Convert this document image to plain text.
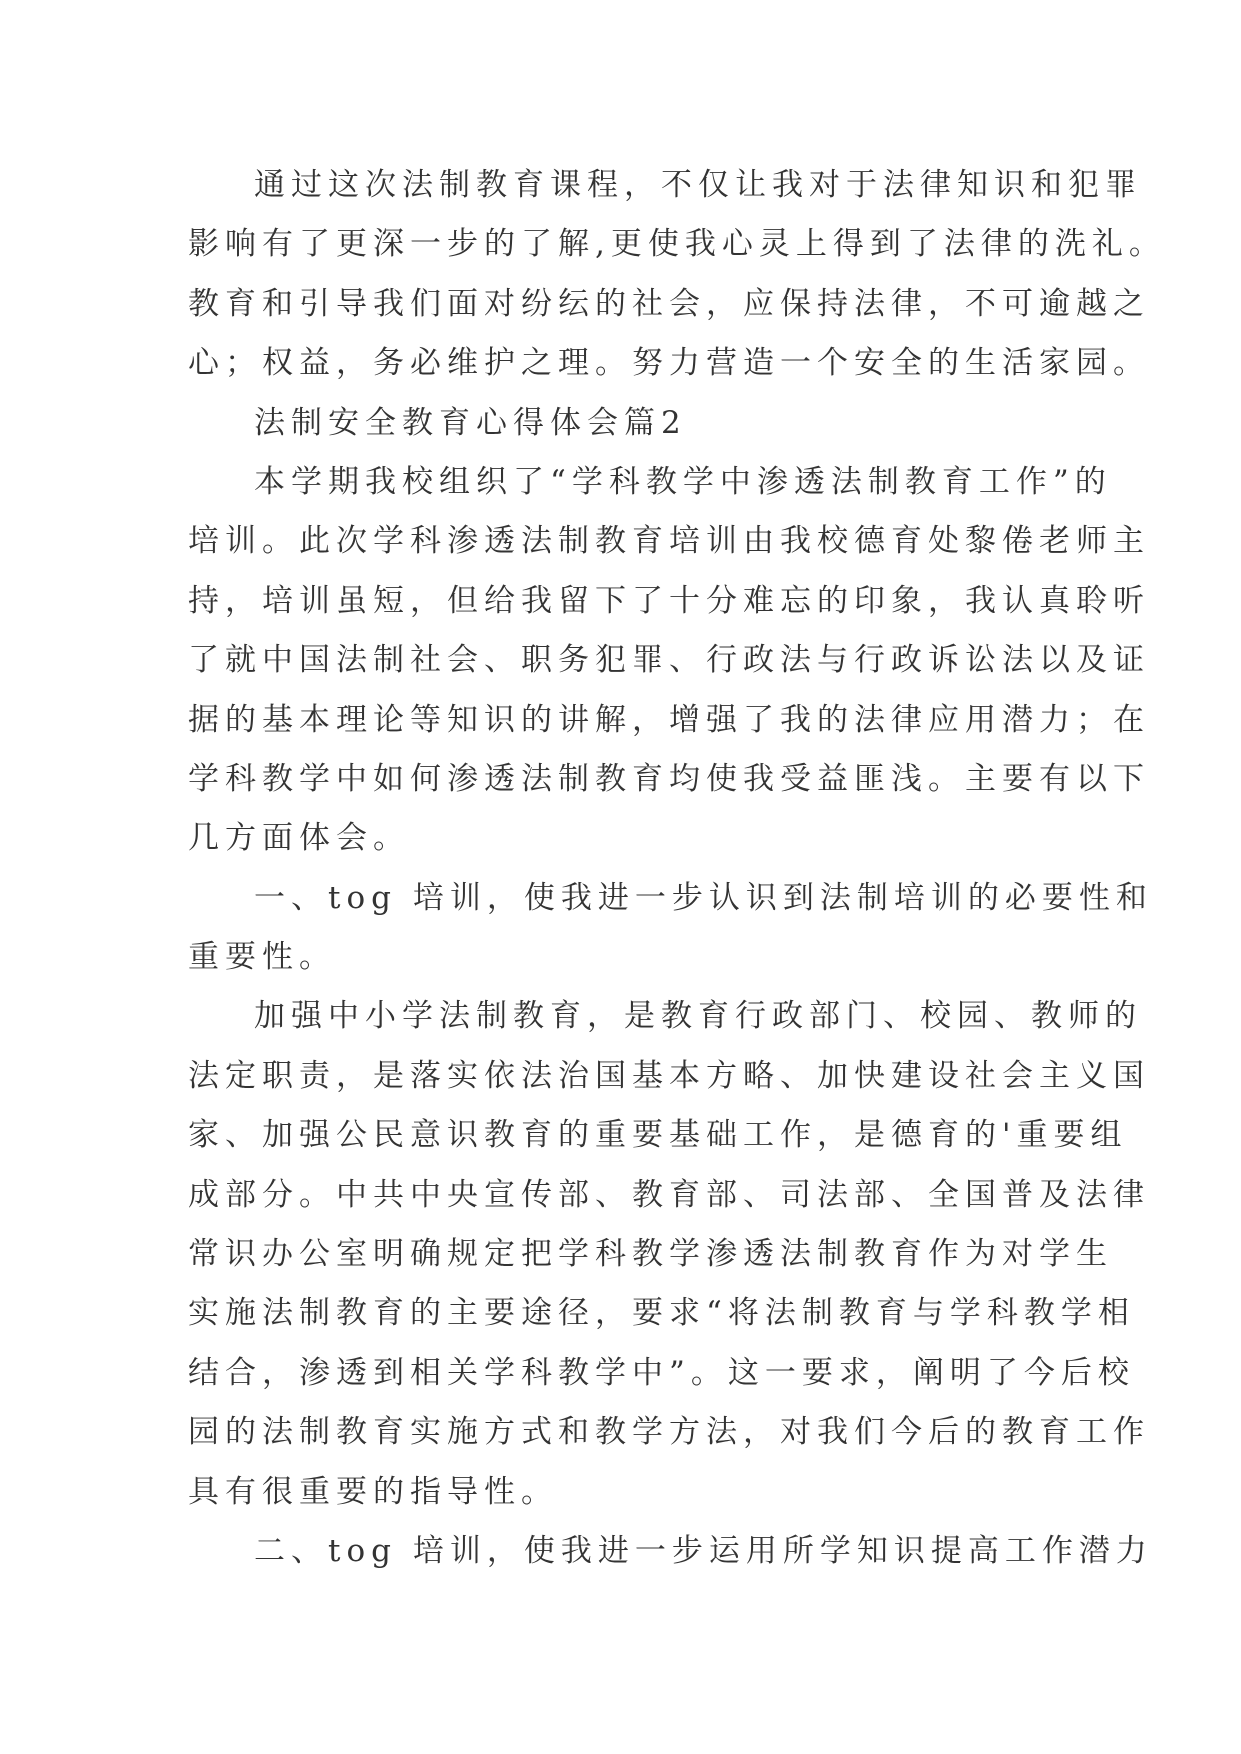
通过这次法制教育课程，不仅让我对于法律知识和犯罪
影响有了更深一步的了解,更使我心灵上得到了法律的洗礼。
教育和引导我们面对纷纭的社会，应保持法律，不可逾越之
心；权益，务必维护之理。努力营造一个安全的生活家园。
法制安全教育心得体会篇2
本学期我校组织了“学科教学中渗透法制教育工作”的
培训。此次学科渗透法制教育培训由我校德育处黎倦老师主
持，培训虽短，但给我留下了十分难忘的印象，我认真聆听
了就中国法制社会、职务犯罪、行政法与行政诉讼法以及证
据的基本理论等知识的讲解，增强了我的法律应用潜力；在
学科教学中如何渗透法制教育均使我受益匪浅。主要有以下
几方面体会。
一、tog 培训，使我进一步认识到法制培训的必要性和
重要性。
加强中小学法制教育，是教育行政部门、校园、教师的
法定职责，是落实依法治国基本方略、加快建设社会主义国
家、加强公民意识教育的重要基础工作，是德育的'重要组
成部分。中共中央宣传部、教育部、司法部、全国普及法律
常识办公室明确规定把学科教学渗透法制教育作为对学生
实施法制教育的主要途径，要求“将法制教育与学科教学相
结合，渗透到相关学科教学中”。这一要求，阐明了今后校
园的法制教育实施方式和教学方法，对我们今后的教育工作
具有很重要的指导性。
二、tog 培训，使我进一步运用所学知识提高工作潜力
